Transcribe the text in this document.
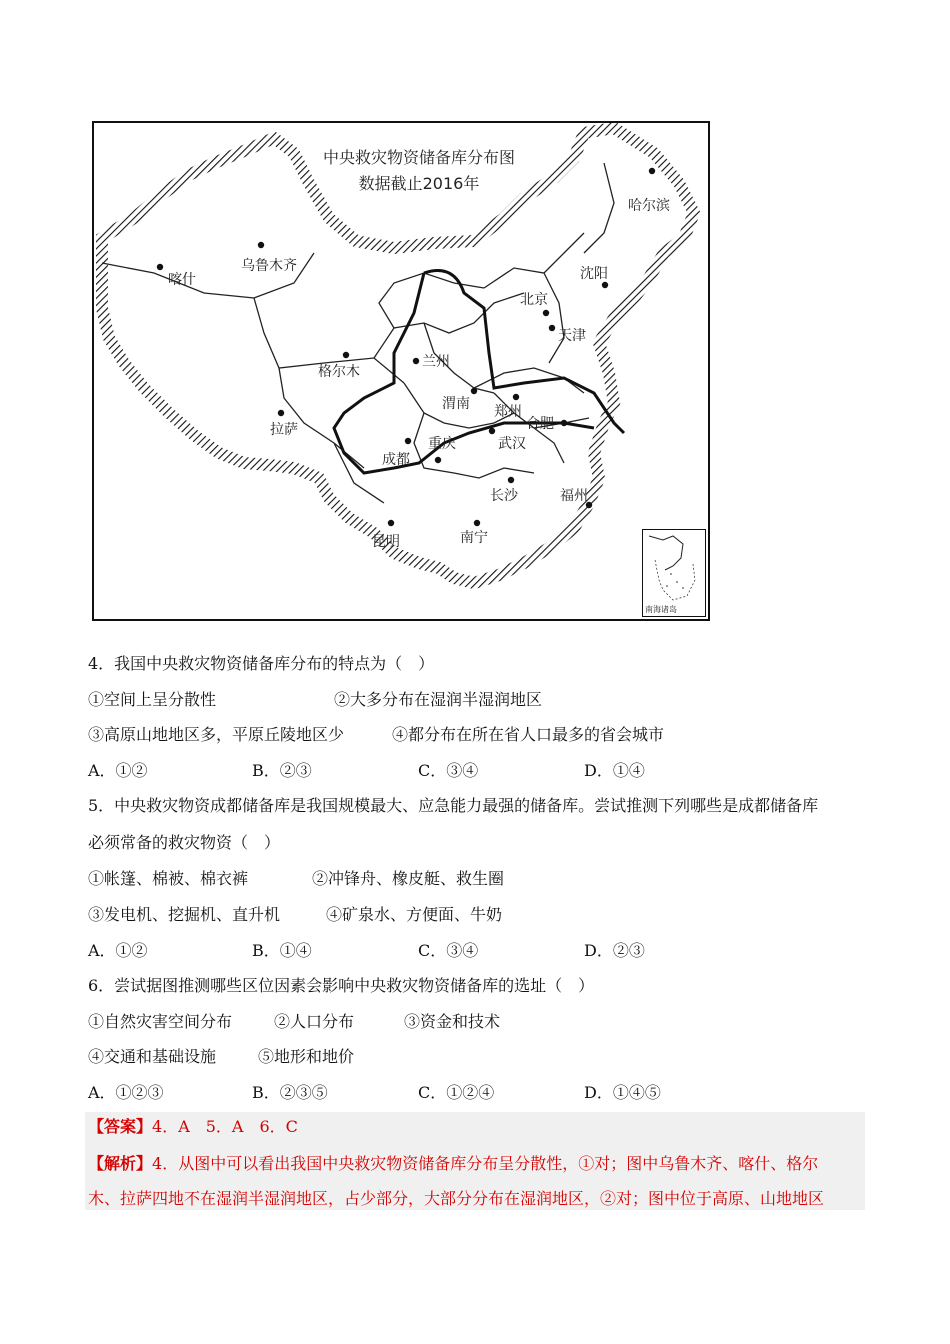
中央救灾物资储备库分布图
数据截止2016年
哈尔滨
乌鲁木齐
喀什	沈阳
北京
天津
兰州
格尔木
渭南 郑州
合肥
拉萨
成都
重庆	武汉
长沙	福州
昆明	南宁
南海诸岛
4．我国中央救灾物资储备库分布的特点为（　）
①空间上呈分散性	②大多分布在湿润半湿润地区
③高原山地地区多，平原丘陵地区少	④都分布在所在省人口最多的省会城市
A．①②	B．②③	C．③④	D．①④
5．中央救灾物资成都储备库是我国规模最大、应急能力最强的储备库。尝试推测下列哪些是成都储备库
必须常备的救灾物资（　）
①帐篷、棉被、棉衣裤	②冲锋舟、橡皮艇、救生圈
③发电机、挖掘机、直升机	④矿泉水、方便面、牛奶
A．①②	B．①④	C．③④	D．②③
6．尝试据图推测哪些区位因素会影响中央救灾物资储备库的选址（　）
①自然灾害空间分布	②人口分布	③资金和技术
④交通和基础设施	⑤地形和地价
A．①②③	B．②③⑤	C．①②④	D．①④⑤
【答案】4．A　5．A　6．C
【解析】4．从图中可以看出我国中央救灾物资储备库分布呈分散性，①对；图中乌鲁木齐、喀什、格尔
木、拉萨四地不在湿润半湿润地区，占少部分，大部分分布在湿润地区，②对；图中位于高原、山地地区
